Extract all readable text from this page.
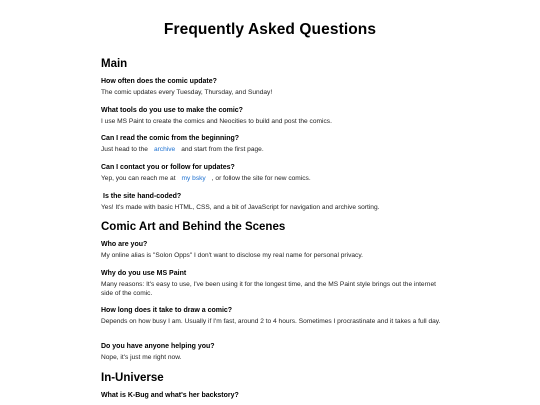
Frequently Asked Questions
Main

How often does the comic update?

The comic updates every Tuesday, Thursday, and Sunday!

What tools do you use to make the comic?

I use MS Paint to create the comics and Neocities to build and post the comics.

Can I read the comic from the beginning?

Just head to the archive and start from the first page.

Can I contact you or follow for updates?

Yep, you can reach me at my bsky , or follow the site for new comics.

Is the site hand-coded?

Yes! It's made with basic HTML, CSS, and a bit of JavaScript for navigation and archive sorting.

Comic Art and Behind the Scenes

Who are you?

My online alias is "Solon Opps" I don't want to disclose my real name for personal privacy.

Why do you use MS Paint

Many reasons: It's easy to use, I've been using it for the longest time, and the MS Paint style brings out the internet side of the comic.

How long does it take to draw a comic?

Depends on how busy I am. Usually if I'm fast, around 2 to 4 hours. Sometimes I procrastinate and it takes a full day.

Do you have anyone helping you?

Nope, it's just me right now.

In-Universe

What is K-Bug and what's her backstory?
